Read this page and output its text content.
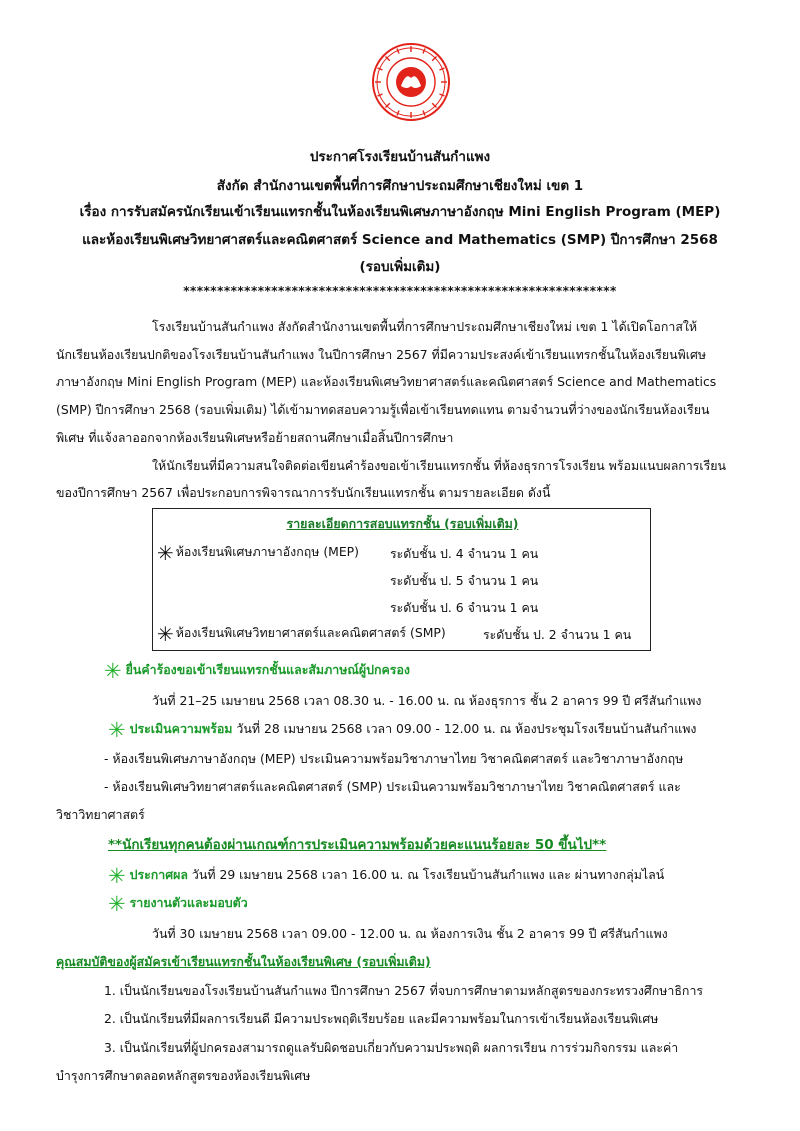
ประกาศโรงเรียนบ้านสันกำแพง
สังกัด สำนักงานเขตพื้นที่การศึกษาประถมศึกษาเชียงใหม่ เขต 1
เรื่อง การรับสมัครนักเรียนเข้าเรียนแทรกชั้นในห้องเรียนพิเศษภาษาอังกฤษ Mini English Program (MEP)
และห้องเรียนพิเศษวิทยาศาสตร์และคณิตศาสตร์ Science and Mathematics (SMP) ปีการศึกษา 2568
(รอบเพิ่มเติม)
****************************************************************
โรงเรียนบ้านสันกำแพง สังกัดสำนักงานเขตพื้นที่การศึกษาประถมศึกษาเชียงใหม่ เขต 1 ได้เปิดโอกาสให้
นักเรียนห้องเรียนปกติของโรงเรียนบ้านสันกำแพง ในปีการศึกษา 2567 ที่มีความประสงค์เข้าเรียนแทรกชั้นในห้องเรียนพิเศษ
ภาษาอังกฤษ Mini English Program (MEP) และห้องเรียนพิเศษวิทยาศาสตร์และคณิตศาสตร์ Science and Mathematics
(SMP) ปีการศึกษา 2568 (รอบเพิ่มเติม) ได้เข้ามาทดสอบความรู้เพื่อเข้าเรียนทดแทน ตามจำนวนที่ว่างของนักเรียนห้องเรียน
พิเศษ ที่แจ้งลาออกจากห้องเรียนพิเศษหรือย้ายสถานศึกษาเมื่อสิ้นปีการศึกษา
ให้นักเรียนที่มีความสนใจติดต่อเขียนคำร้องขอเข้าเรียนแทรกชั้น ที่ห้องธุรการโรงเรียน พร้อมแนบผลการเรียน
ของปีการศึกษา 2567 เพื่อประกอบการพิจารณาการรับนักเรียนแทรกชั้น ตามรายละเอียด ดังนี้
รายละเอียดการสอบแทรกชั้น (รอบเพิ่มเติม)
✳ ห้องเรียนพิเศษภาษาอังกฤษ (MEP)	ระดับชั้น ป. 4 จำนวน 1 คน
ระดับชั้น ป. 5 จำนวน 1 คน
ระดับชั้น ป. 6 จำนวน 1 คน
✳ ห้องเรียนพิเศษวิทยาศาสตร์และคณิตศาสตร์ (SMP)	ระดับชั้น ป. 2 จำนวน 1 คน
✳ ยื่นคำร้องขอเข้าเรียนแทรกชั้นและสัมภาษณ์ผู้ปกครอง
วันที่ 21–25 เมษายน 2568 เวลา 08.30 น. - 16.00 น. ณ ห้องธุรการ ชั้น 2 อาคาร 99 ปี ศรีสันกำแพง
✳ ประเมินความพร้อม วันที่ 28 เมษายน 2568 เวลา 09.00 - 12.00 น. ณ ห้องประชุมโรงเรียนบ้านสันกำแพง
- ห้องเรียนพิเศษภาษาอังกฤษ (MEP) ประเมินความพร้อมวิชาภาษาไทย วิชาคณิตศาสตร์ และวิชาภาษาอังกฤษ
- ห้องเรียนพิเศษวิทยาศาสตร์และคณิตศาสตร์ (SMP) ประเมินความพร้อมวิชาภาษาไทย วิชาคณิตศาสตร์ และ
วิชาวิทยาศาสตร์
**นักเรียนทุกคนต้องผ่านเกณฑ์การประเมินความพร้อมด้วยคะแนนร้อยละ 50 ขึ้นไป**
✳ ประกาศผล วันที่ 29 เมษายน 2568 เวลา 16.00 น. ณ โรงเรียนบ้านสันกำแพง และ ผ่านทางกลุ่มไลน์
✳ รายงานตัวและมอบตัว
วันที่ 30 เมษายน 2568 เวลา 09.00 - 12.00 น. ณ ห้องการเงิน ชั้น 2 อาคาร 99 ปี ศรีสันกำแพง
คุณสมบัติของผู้สมัครเข้าเรียนแทรกชั้นในห้องเรียนพิเศษ (รอบเพิ่มเติม)
1. เป็นนักเรียนของโรงเรียนบ้านสันกำแพง ปีการศึกษา 2567 ที่จบการศึกษาตามหลักสูตรของกระทรวงศึกษาธิการ
2. เป็นนักเรียนที่มีผลการเรียนดี มีความประพฤติเรียบร้อย และมีความพร้อมในการเข้าเรียนห้องเรียนพิเศษ
3. เป็นนักเรียนที่ผู้ปกครองสามารถดูแลรับผิดชอบเกี่ยวกับความประพฤติ ผลการเรียน การร่วมกิจกรรม และค่า
บำรุงการศึกษาตลอดหลักสูตรของห้องเรียนพิเศษ
